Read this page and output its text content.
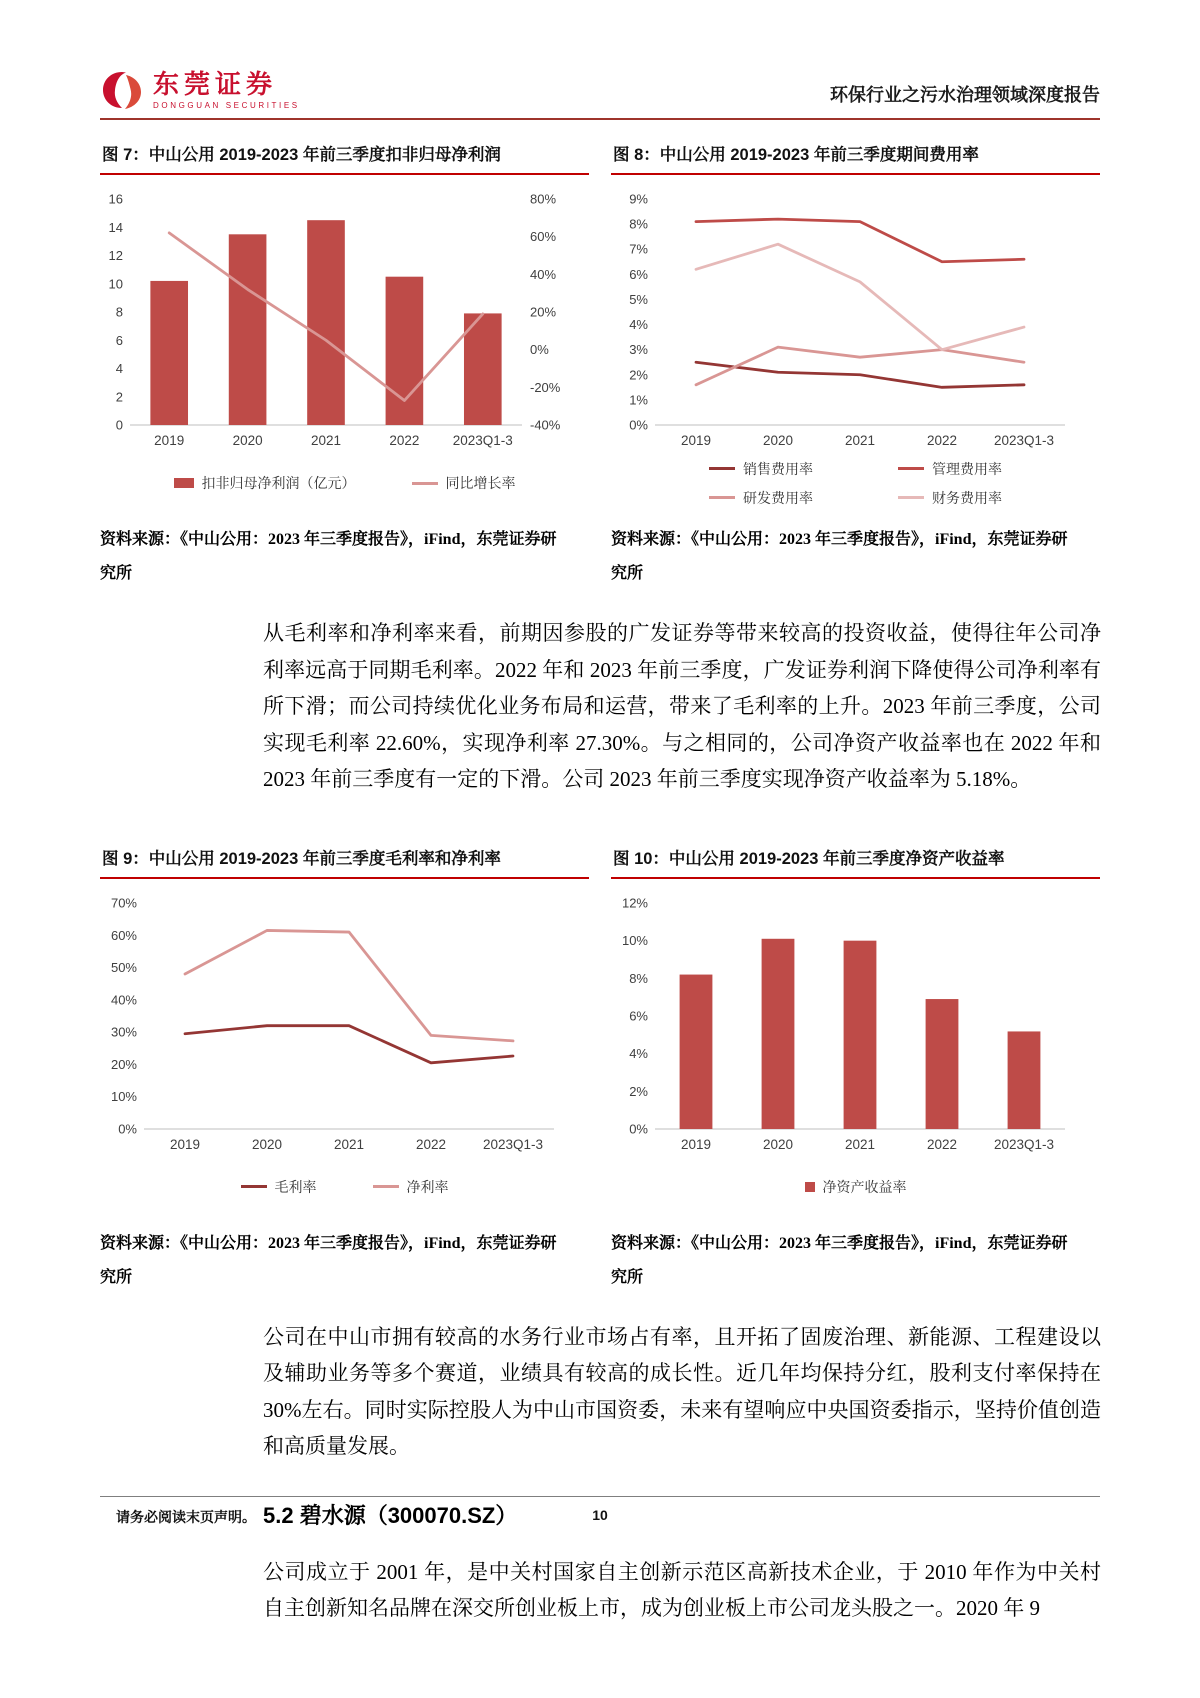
东莞证券
DONGGUAN SECURITIES	环保行业之污水治理领域深度报告
图 7：中山公用 2019-2023 年前三季度扣非归母净利润
0
2
4
6
8
10
12
14
16
-40%
-20%
0%
20%
40%
60%
80%
2019	2020	2021	2022 2023Q1-3
扣非归母净利润（亿元）	同比增长率
资料来源：《中山公用：2023 年三季度报告》，iFind，东莞证券研究所
图 8：中山公用 2019-2023 年前三季度期间费用率
0%
1%
2%
3%
4%
5%
6%
7%
8%
9%
2019	2020	2021	2022	2023Q1-3
销售费用率	管理费用率
研发费用率	财务费用率
资料来源：《中山公用：2023 年三季度报告》，iFind，东莞证券研究所

从毛利率和净利率来看，前期因参股的广发证券等带来较高的投资收益，使得往年公司净利率远高于同期毛利率。2022 年和 2023 年前三季度，广发证券利润下降使得公司净利率有所下滑；而公司持续优化业务布局和运营，带来了毛利率的上升。2023 年前三季度，公司实现毛利率 22.60%，实现净利率 27.30%。与之相同的，公司净资产收益率也在 2022 年和 2023 年前三季度有一定的下滑。公司 2023 年前三季度实现净资产收益率为 5.18%。

图 9：中山公用 2019-2023 年前三季度毛利率和净利率
0%
10%
20%
30%
40%
50%
60%
70%
2019	2020	2021	2022	2023Q1-3
毛利率	净利率
资料来源：《中山公用：2023 年三季度报告》，iFind，东莞证券研究所
图 10：中山公用 2019-2023 年前三季度净资产收益率
0%
2%
4%
6%
8%
10%
12%
2019	2020	2021	2022	2023Q1-3
净资产收益率
资料来源：《中山公用：2023 年三季度报告》，iFind，东莞证券研究所

公司在中山市拥有较高的水务行业市场占有率，且开拓了固废治理、新能源、工程建设以及辅助业务等多个赛道，业绩具有较高的成长性。近几年均保持分红，股利支付率保持在 30%左右。同时实际控股人为中山市国资委，未来有望响应中央国资委指示，坚持价值创造和高质量发展。

5.2 碧水源（300070.SZ）

公司成立于 2001 年，是中关村国家自主创新示范区高新技术企业，于 2010 年作为中关村自主创新知名品牌在深交所创业板上市，成为创业板上市公司龙头股之一。2020 年 9

请务必阅读末页声明。	10
